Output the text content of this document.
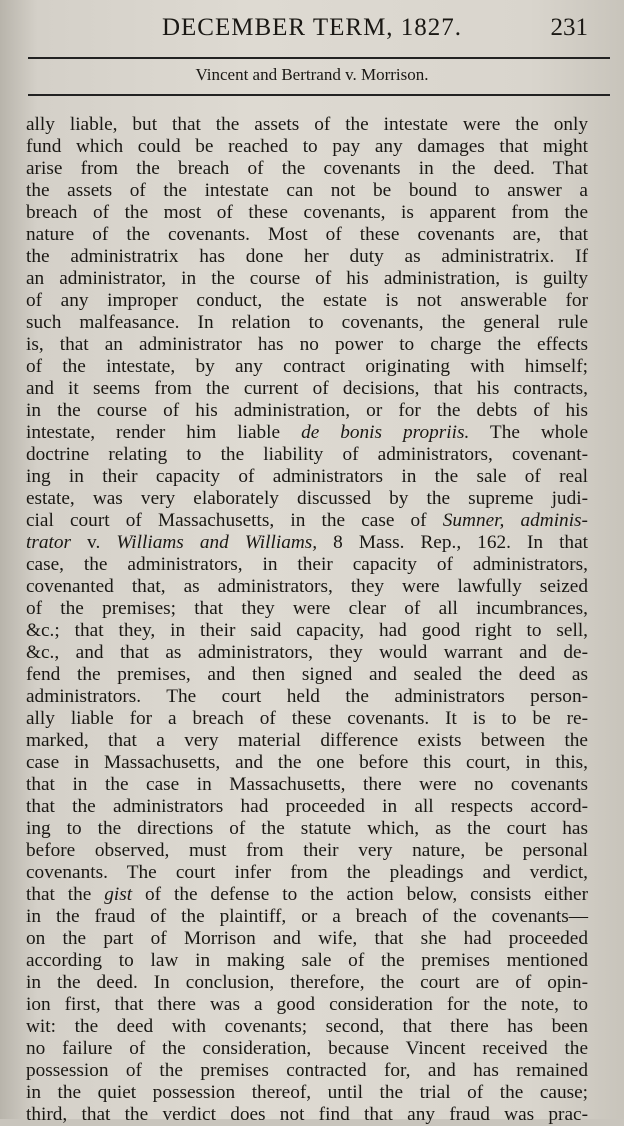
DECEMBER TERM, 1827.	231
Vincent and Bertrand v. Morrison.
ally liable, but that the assets of the intestate were the only
fund which could be reached to pay any damages that might
arise from the breach of the covenants in the deed. That
the assets of the intestate can not be bound to answer a
breach of the most of these covenants, is apparent from the
nature of the covenants. Most of these covenants are, that
the administratrix has done her duty as administratrix. If
an administrator, in the course of his administration, is guilty
of any improper conduct, the estate is not answerable for
such malfeasance. In relation to covenants, the general rule
is, that an administrator has no power to charge the effects
of the intestate, by any contract originating with himself;
and it seems from the current of decisions, that his contracts,
in the course of his administration, or for the debts of his
intestate, render him liable de bonis propriis. The whole
doctrine relating to the liability of administrators, covenant-
ing in their capacity of administrators in the sale of real
estate, was very elaborately discussed by the supreme judi-
cial court of Massachusetts, in the case of Sumner, adminis-
trator v. Williams and Williams, 8 Mass. Rep., 162. In that
case, the administrators, in their capacity of administrators,
covenanted that, as administrators, they were lawfully seized
of the premises; that they were clear of all incumbrances,
&c.; that they, in their said capacity, had good right to sell,
&c., and that as administrators, they would warrant and de-
fend the premises, and then signed and sealed the deed as
administrators. The court held the administrators person-
ally liable for a breach of these covenants. It is to be re-
marked, that a very material difference exists between the
case in Massachusetts, and the one before this court, in this,
that in the case in Massachusetts, there were no covenants
that the administrators had proceeded in all respects accord-
ing to the directions of the statute which, as the court has
before observed, must from their very nature, be personal
covenants. The court infer from the pleadings and verdict,
that the gist of the defense to the action below, consists either
in the fraud of the plaintiff, or a breach of the covenants—
on the part of Morrison and wife, that she had proceeded
according to law in making sale of the premises mentioned
in the deed. In conclusion, therefore, the court are of opin-
ion first, that there was a good consideration for the note, to
wit: the deed with covenants; second, that there has been
no failure of the consideration, because Vincent received the
possession of the premises contracted for, and has remained
in the quiet possession thereof, until the trial of the cause;
third, that the verdict does not find that any fraud was prac-
